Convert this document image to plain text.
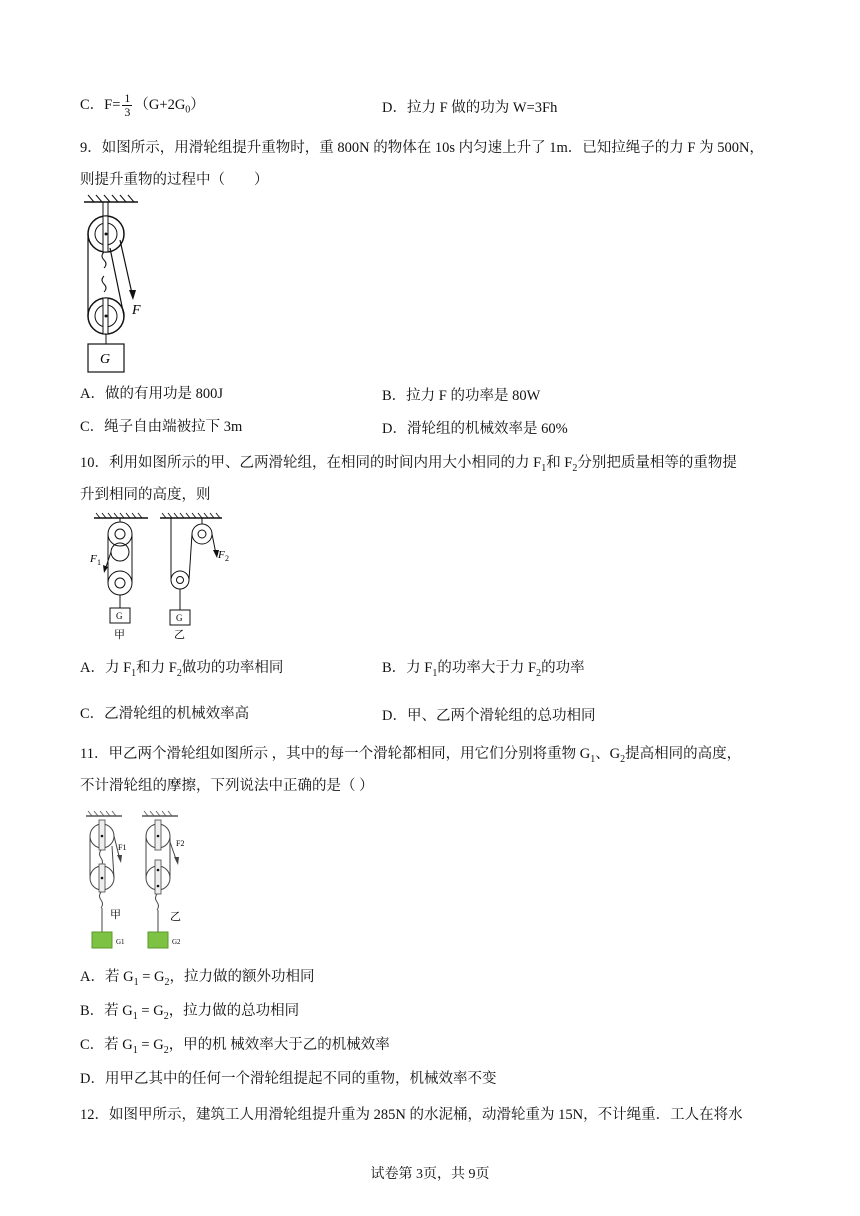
C．$F= \frac{1}{3} (G+2G_0)$	D．拉力 F 做的功为 W=3Fh
9．如图所示，用滑轮组提升重物时，重 800N 的物体在 10s 内匀速上升了 1m．已知拉绳子的力 F 为 500N，
则提升重物的过程中（　　）
F
G
A．做的有用功是 800J	B．拉力 F 的功率是 80W
C．绳子自由端被拉下 3m	D．滑轮组的机械效率是 60%
10．利用如图所示的甲、乙两滑轮组，在相同的时间内用大小相同的力 $F_1$和 $F_2$分别把质量相等的重物提
升到相同的高度，则
F 1
G
甲
F 2
G
乙
A．力 $F_1$和力 $F_2$做功的功率相同	B．力 $F_1$的功率大于力 $F_2$的功率
C．乙滑轮组的机械效率高	D．甲、乙两个滑轮组的总功相同
11．甲乙两个滑轮组如图所示 ，其中的每一个滑轮都相同，用它们分别将重物 $G_1$、$G_2$提高相同的高度，
不计滑轮组的摩擦，下列说法中正确的是（ ）
F1
甲
G1
F2
乙
G2
A．若 $G_1 = G_2$，拉力做的额外功相同
B．若 $G_1 = G_2$，拉力做的总功相同
C．若 $G_1 = G_2$，甲的机 械效率大于乙的机械效率
D．用甲乙其中的任何一个滑轮组提起不同的重物，机械效率不变
12．如图甲所示，建筑工人用滑轮组提升重为 285N 的水泥桶，动滑轮重为 15N，不计绳重．工人在将水
试卷第 3页，共 9页
